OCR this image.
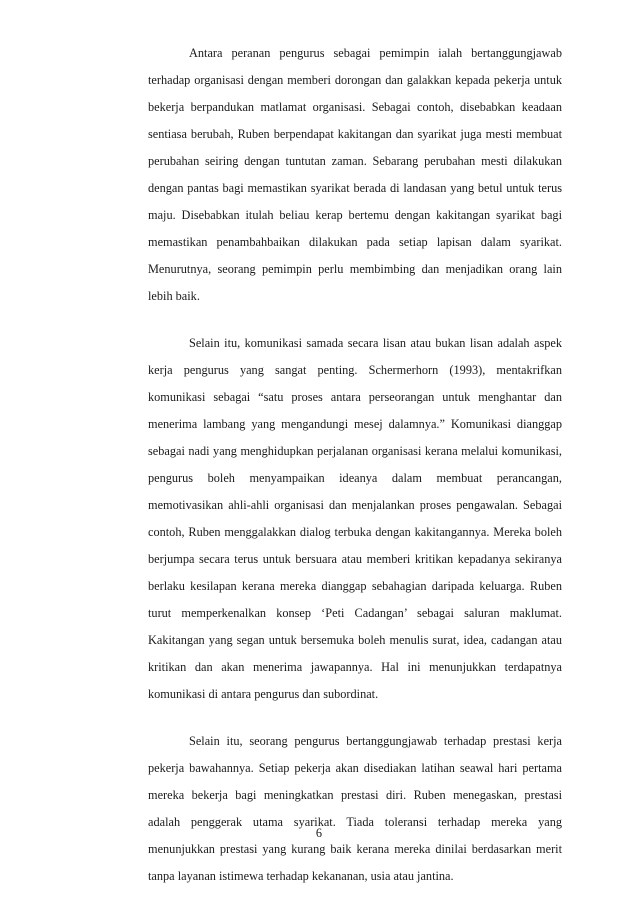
Antara peranan pengurus sebagai pemimpin ialah bertanggungjawab terhadap organisasi dengan memberi dorongan dan galakkan kepada pekerja untuk bekerja berpandukan matlamat organisasi. Sebagai contoh, disebabkan keadaan sentiasa berubah, Ruben berpendapat kakitangan dan syarikat juga mesti membuat perubahan seiring dengan tuntutan zaman. Sebarang perubahan mesti dilakukan dengan pantas bagi memastikan syarikat berada di landasan yang betul untuk terus maju. Disebabkan itulah beliau kerap bertemu dengan kakitangan syarikat bagi memastikan penambahbaikan dilakukan pada setiap lapisan dalam syarikat. Menurutnya, seorang pemimpin perlu membimbing dan menjadikan orang lain lebih baik.

Selain itu, komunikasi samada secara lisan atau bukan lisan adalah aspek kerja pengurus yang sangat penting. Schermerhorn (1993), mentakrifkan komunikasi sebagai “satu proses antara perseorangan untuk menghantar dan menerima lambang yang mengandungi mesej dalamnya.” Komunikasi dianggap sebagai nadi yang menghidupkan perjalanan organisasi kerana melalui komunikasi, pengurus boleh menyampaikan ideanya dalam membuat perancangan, memotivasikan ahli-ahli organisasi dan menjalankan proses pengawalan. Sebagai contoh, Ruben menggalakkan dialog terbuka dengan kakitangannya. Mereka boleh berjumpa secara terus untuk bersuara atau memberi kritikan kepadanya sekiranya berlaku kesilapan kerana mereka dianggap sebahagian daripada keluarga. Ruben turut memperkenalkan konsep ‘Peti Cadangan’ sebagai saluran maklumat. Kakitangan yang segan untuk bersemuka boleh menulis surat, idea, cadangan atau kritikan dan akan menerima jawapannya. Hal ini menunjukkan terdapatnya komunikasi di antara pengurus dan subordinat.

Selain itu, seorang pengurus bertanggungjawab terhadap prestasi kerja pekerja bawahannya. Setiap pekerja akan disediakan latihan seawal hari pertama mereka bekerja bagi meningkatkan prestasi diri. Ruben menegaskan, prestasi adalah penggerak utama syarikat. Tiada toleransi terhadap mereka yang menunjukkan prestasi yang kurang baik kerana mereka dinilai berdasarkan merit tanpa layanan istimewa terhadap kekananan, usia atau jantina.

6
